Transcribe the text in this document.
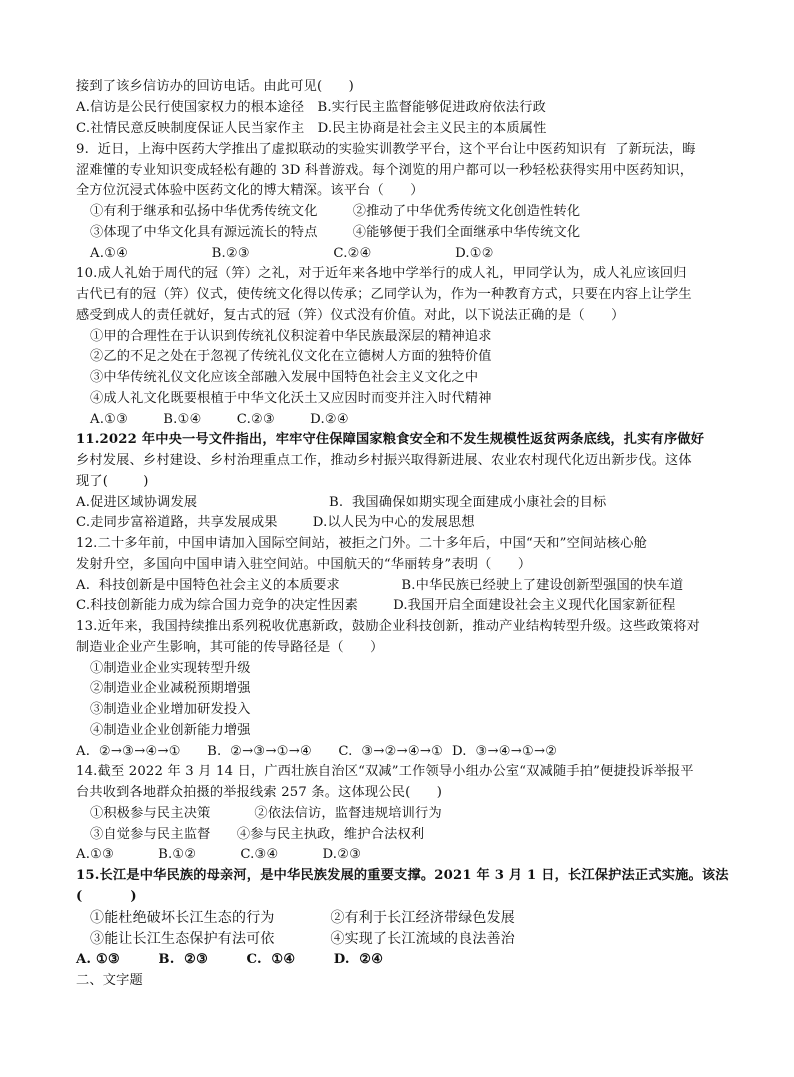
接到了该乡信访办的回访电话。由此可见(      )
A.信访是公民行使国家权力的根本途径   B.实行民主监督能够促进政府依法行政
C.社情民意反映制度保证人民当家作主   D.民主协商是社会主义民主的本质属性
9.  近日，上海中医药大学推出了虚拟联动的实验实训教学平台，这个平台让中医药知识有  了新玩法，晦
涩难懂的专业知识变成轻松有趣的 3D 科普游戏。每个浏览的用户都可以一秒轻松获得实用中医药知识，
全方位沉浸式体验中医药文化的博大精深。该平台（      ）
①有利于继承和弘扬中华优秀传统文化        ②推动了中华优秀传统文化创造性转化
③体现了中华文化具有源远流长的特点        ④能够便于我们全面继承中华传统文化
A.①④                   B.②③                   C.②④                   D.①②
10.成人礼始于周代的冠（笄）之礼，对于近年来各地中学举行的成人礼，甲同学认为，成人礼应该回归
古代已有的冠（笄）仪式，使传统文化得以传承；乙同学认为，作为一种教育方式，只要在内容上让学生
感受到成人的责任就好，复古式的冠（笄）仪式没有价值。对此，以下说法正确的是（      ）
①甲的合理性在于认识到传统礼仪积淀着中华民族最深层的精神追求
②乙的不足之处在于忽视了传统礼仪文化在立德树人方面的独特价值
③中华传统礼仪文化应该全部融入发展中国特色社会主义文化之中
④成人礼文化既要根植于中华文化沃土又应因时而变并注入时代精神
A.①③        B.①④        C.②③        D.②④
11.2022 年中央一号文件指出，牢牢守住保障国家粮食安全和不发生规模性返贫两条底线，扎实有序做好
乡村发展、乡村建设、乡村治理重点工作，推动乡村振兴取得新进展、农业农村现代化迈出新步伐。这体
现了(        )
A.促进区域协调发展                              B.  我国确保如期实现全面建成小康社会的目标
C.走同步富裕道路，共享发展成果        D.以人民为中心的发展思想
12.二十多年前，中国申请加入国际空间站，被拒之门外。二十多年后，中国“天和”空间站核心舱
发射升空，多国向中国申请入驻空间站。中国航天的“华丽转身”表明（      ）
A.  科技创新是中国特色社会主义的本质要求              B.中华民族已经驶上了建设创新型强国的快车道
C.科技创新能力成为综合国力竞争的决定性因素        D.我国开启全面建设社会主义现代化国家新征程
13.近年来，我国持续推出系列税收优惠新政，鼓励企业科技创新，推动产业结构转型升级。这些政策将对
制造业企业产生影响，其可能的传导路径是（      ）
①制造业企业实现转型升级
②制造业企业减税预期增强
③制造业企业增加研发投入
④制造业企业创新能力增强
A.  ②→③→④→①      B.  ②→③→①→④      C.  ③→②→④→①  D.  ③→④→①→②
14.截至 2022 年 3 月 14 日，广西壮族自治区“双减”工作领导小组办公室“双减随手拍”便捷投诉举报平
台共收到各地群众拍摄的举报线索 257 条。这体现公民(      )
①积极参与民主决策          ②依法信访，监督违规培训行为
③自觉参与民主监督      ④参与民主执政，维护合法权利
A.①③          B.①②          C.③④          D.②③
15.长江是中华民族的母亲河，是中华民族发展的重要支撑。2021 年 3 月 1 日，长江保护法正式实施。该法
(          )
①能杜绝破坏长江生态的行为            ②有利于长江经济带绿色发展
③能让长江生态保护有法可依            ④实现了长江流域的良法善治
A. ①③        B.  ②③        C.  ①④        D.  ②④
二、文字题
